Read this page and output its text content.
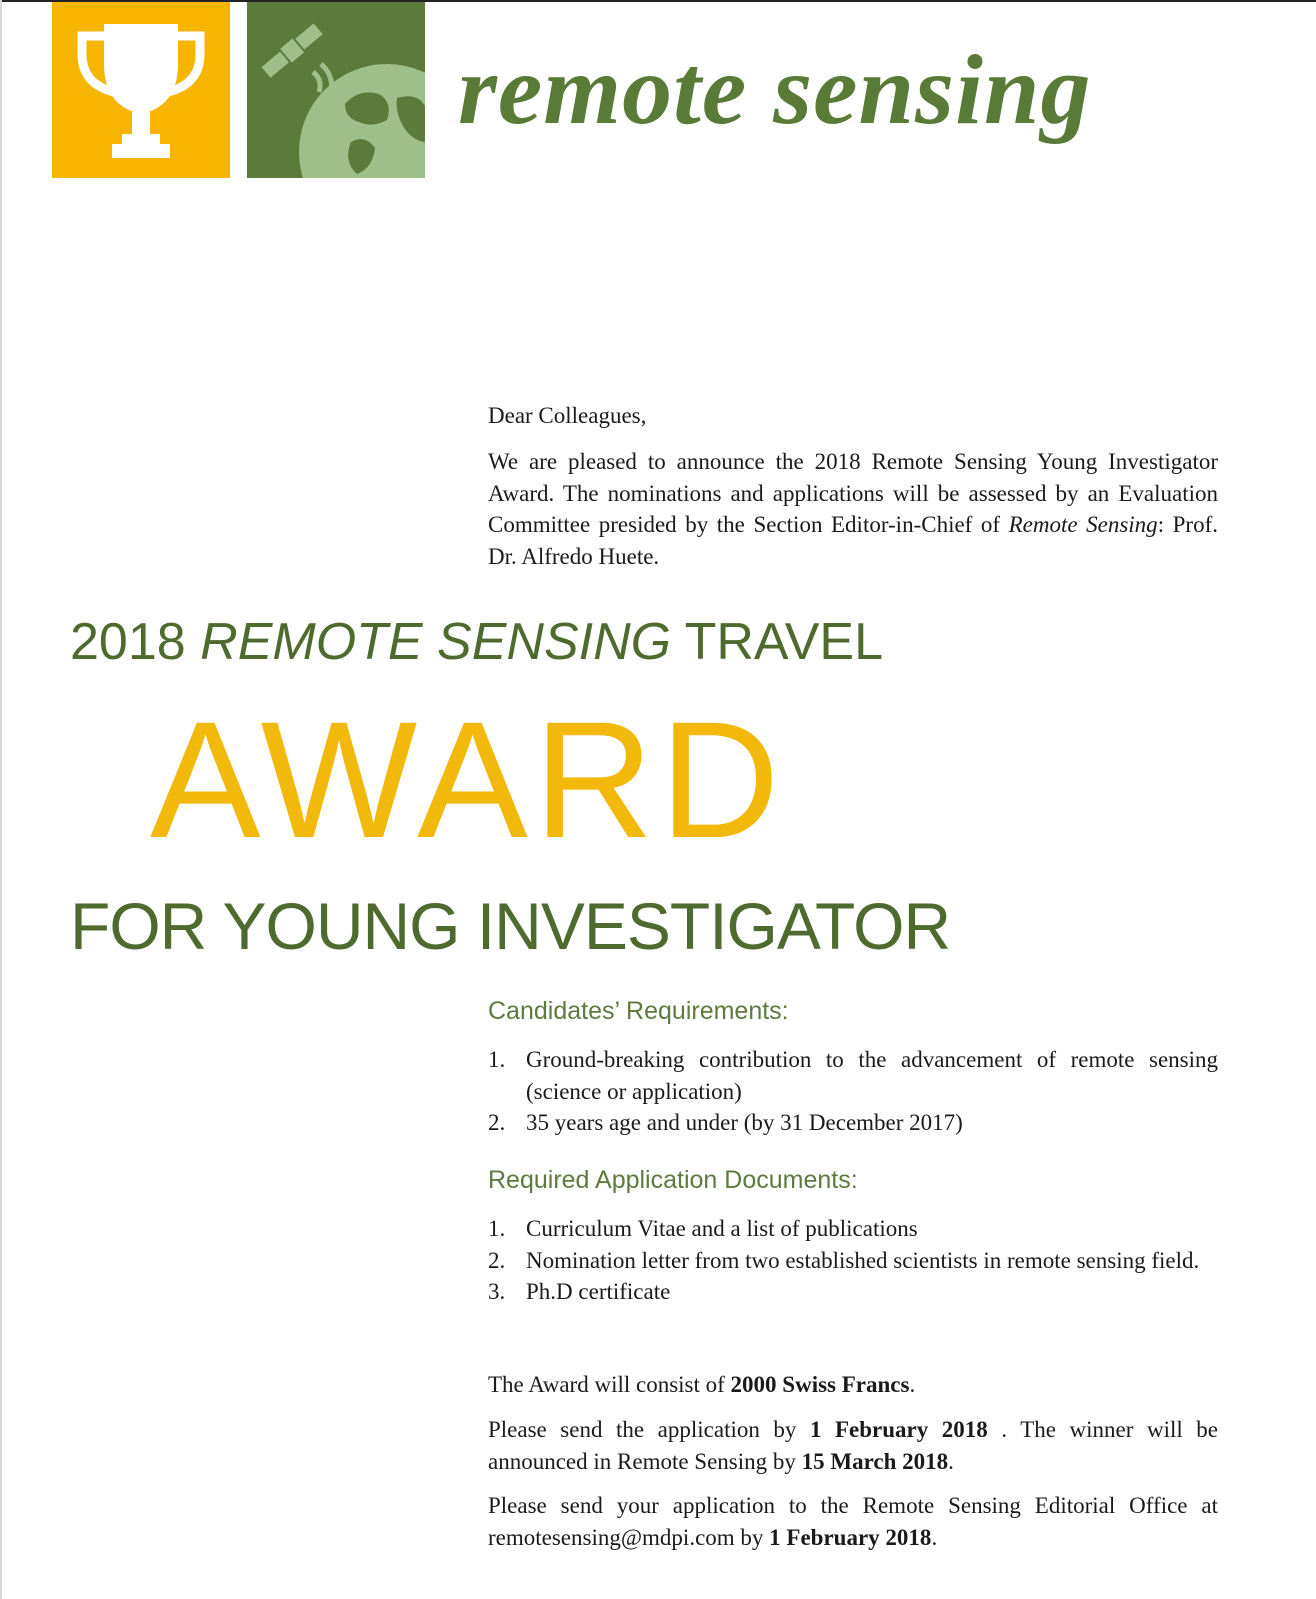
remote sensing
Dear Colleagues,
We are pleased to announce the 2018 Remote Sensing Young Investigator Award. The nominations and applications will be assessed by an Evaluation Committee presided by the Section Editor-in-Chief of Remote Sensing: Prof. Dr. Alfredo Huete.
2018 REMOTE SENSING TRAVEL
AWARD
FOR YOUNG INVESTIGATOR
Candidates’ Requirements:
1. Ground-breaking contribution to the advancement of remote sensing (science or application)
2. 35 years age and under (by 31 December 2017)
Required Application Documents:
1. Curriculum Vitae and a list of publications
2. Nomination letter from two established scientists in remote sensing field.
3. Ph.D certificate
The Award will consist of 2000 Swiss Francs.
Please send the application by 1 February 2018 . The winner will be announced in Remote Sensing by 15 March 2018.
Please send your application to the Remote Sensing Editorial Office at remotesensing@mdpi.com by 1 February 2018.
